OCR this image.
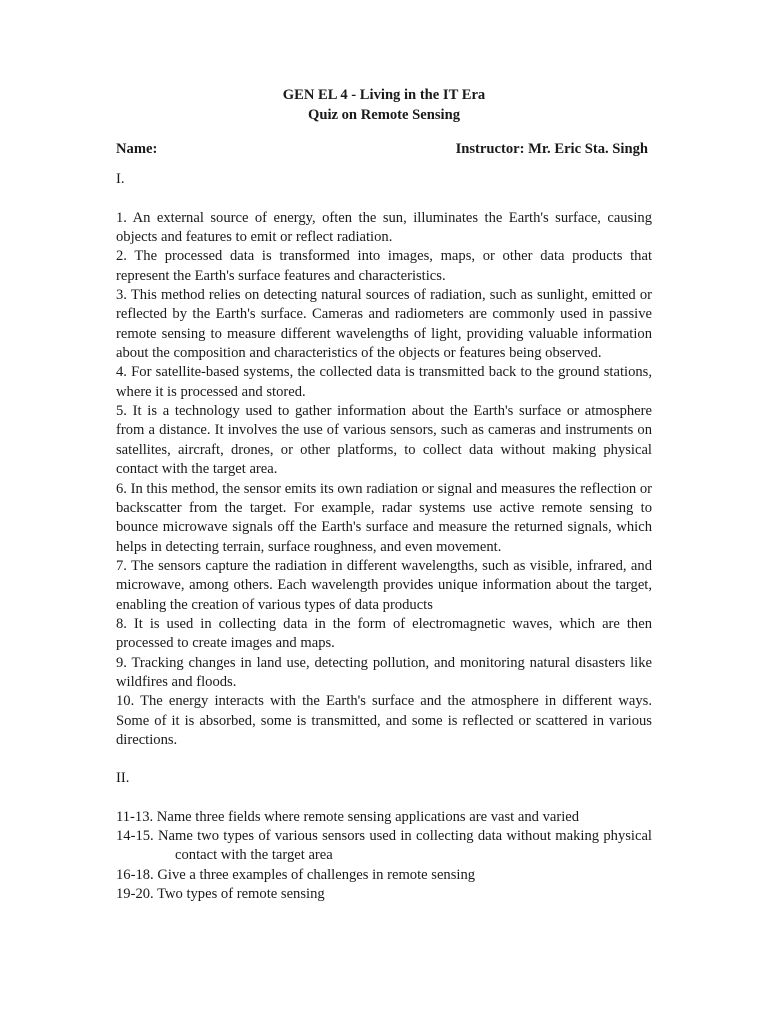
GEN EL 4 - Living in the IT Era
Quiz on Remote Sensing
Name:	Instructor: Mr. Eric Sta. Singh
I.
1. An external source of energy, often the sun, illuminates the Earth's surface, causing objects and features to emit or reflect radiation.
2. The processed data is transformed into images, maps, or other data products that represent the Earth's surface features and characteristics.
3. This method relies on detecting natural sources of radiation, such as sunlight, emitted or reflected by the Earth's surface. Cameras and radiometers are commonly used in passive remote sensing to measure different wavelengths of light, providing valuable information about the composition and characteristics of the objects or features being observed.
4. For satellite-based systems, the collected data is transmitted back to the ground stations, where it is processed and stored.
5. It is a technology used to gather information about the Earth's surface or atmosphere from a distance. It involves the use of various sensors, such as cameras and instruments on satellites, aircraft, drones, or other platforms, to collect data without making physical contact with the target area.
6. In this method, the sensor emits its own radiation or signal and measures the reflection or backscatter from the target. For example, radar systems use active remote sensing to bounce microwave signals off the Earth's surface and measure the returned signals, which helps in detecting terrain, surface roughness, and even movement.
7. The sensors capture the radiation in different wavelengths, such as visible, infrared, and microwave, among others. Each wavelength provides unique information about the target, enabling the creation of various types of data products
8. It is used in collecting data in the form of electromagnetic waves, which are then processed to create images and maps.
9. Tracking changes in land use, detecting pollution, and monitoring natural disasters like wildfires and floods.
10. The energy interacts with the Earth's surface and the atmosphere in different ways. Some of it is absorbed, some is transmitted, and some is reflected or scattered in various directions.
II.
11-13. Name three fields where remote sensing applications are vast and varied
14-15. Name two types of various sensors used in collecting data without making physical contact with the target area
16-18. Give a three examples of challenges in remote sensing
19-20. Two types of remote sensing
